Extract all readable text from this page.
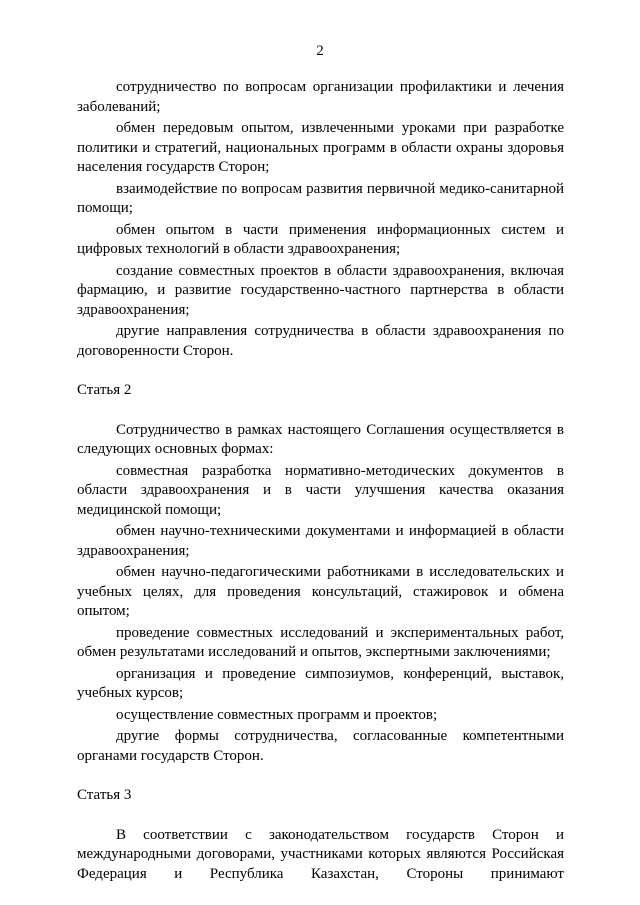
2

сотрудничество по вопросам организации профилактики и лечения заболеваний;

обмен передовым опытом, извлеченными уроками при разработке политики и стратегий, национальных программ в области охраны здоровья населения государств Сторон;

взаимодействие по вопросам развития первичной медико-санитарной помощи;

обмен опытом в части применения информационных систем и цифровых технологий в области здравоохранения;

создание совместных проектов в области здравоохранения, включая фармацию, и развитие государственно-частного партнерства в области здравоохранения;

другие направления сотрудничества в области здравоохранения по договоренности Сторон.

Статья 2

Сотрудничество в рамках настоящего Соглашения осуществляется в следующих основных формах:

совместная разработка нормативно-методических документов в области здравоохранения и в части улучшения качества оказания медицинской помощи;

обмен научно-техническими документами и информацией в области здравоохранения;

обмен научно-педагогическими работниками в исследовательских и учебных целях, для проведения консультаций, стажировок и обмена опытом;

проведение совместных исследований и экспериментальных работ, обмен результатами исследований и опытов, экспертными заключениями;

организация и проведение симпозиумов, конференций, выставок, учебных курсов;

осуществление совместных программ и проектов;

другие формы сотрудничества, согласованные компетентными органами государств Сторон.

Статья 3

В соответствии с законодательством государств Сторон и международными договорами, участниками которых являются Российская Федерация и Республика Казахстан, Стороны принимают
